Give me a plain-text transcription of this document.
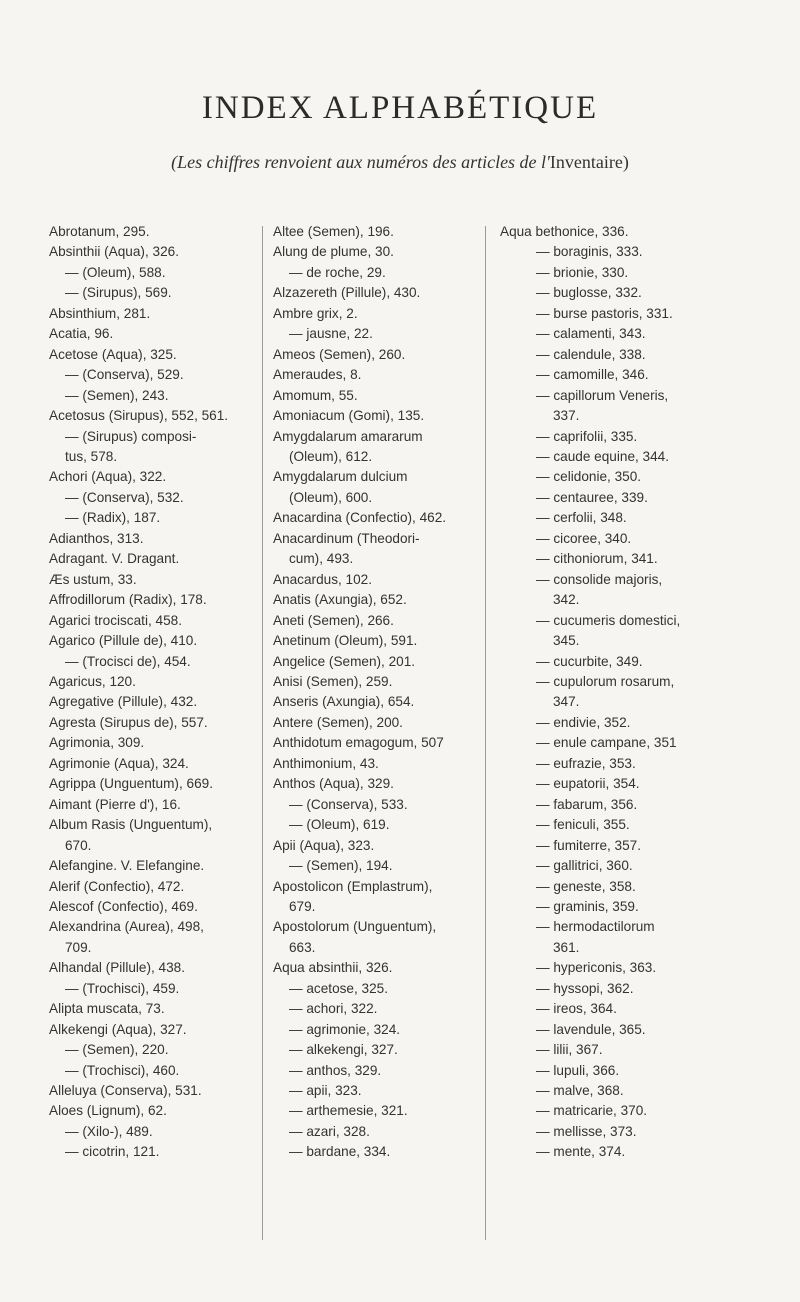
INDEX ALPHABÉTIQUE
(Les chiffres renvoient aux numéros des articles de l'Inventaire)
Abrotanum, 295.
Absinthii (Aqua), 326.
— (Oleum), 588.
— (Sirupus), 569.
Absinthium, 281.
Acatia, 96.
Acetose (Aqua), 325.
— (Conserva), 529.
— (Semen), 243.
Acetosus (Sirupus), 552, 561.
— (Sirupus) composi-
tus, 578.
Achori (Aqua), 322.
— (Conserva), 532.
— (Radix), 187.
Adianthos, 313.
Adragant. V. Dragant.
Æs ustum, 33.
Affrodillorum (Radix), 178.
Agarici trociscati, 458.
Agarico (Pillule de), 410.
— (Trocisci de), 454.
Agaricus, 120.
Agregative (Pillule), 432.
Agresta (Sirupus de), 557.
Agrimonia, 309.
Agrimonie (Aqua), 324.
Agrippa (Unguentum), 669.
Aimant (Pierre d'), 16.
Album Rasis (Unguentum),
670.
Alefangine. V. Elefangine.
Alerif (Confectio), 472.
Alescof (Confectio), 469.
Alexandrina (Aurea), 498,
709.
Alhandal (Pillule), 438.
— (Trochisci), 459.
Alipta muscata, 73.
Alkekengi (Aqua), 327.
— (Semen), 220.
— (Trochisci), 460.
Alleluya (Conserva), 531.
Aloes (Lignum), 62.
— (Xilo-), 489.
— cicotrin, 121.
Altee (Semen), 196.
Alung de plume, 30.
— de roche, 29.
Alzazereth (Pillule), 430.
Ambre grix, 2.
— jausne, 22.
Ameos (Semen), 260.
Ameraudes, 8.
Amomum, 55.
Amoniacum (Gomi), 135.
Amygdalarum amararum
(Oleum), 612.
Amygdalarum dulcium
(Oleum), 600.
Anacardina (Confectio), 462.
Anacardinum (Theodori-
cum), 493.
Anacardus, 102.
Anatis (Axungia), 652.
Aneti (Semen), 266.
Anetinum (Oleum), 591.
Angelice (Semen), 201.
Anisi (Semen), 259.
Anseris (Axungia), 654.
Antere (Semen), 200.
Anthidotum emagogum, 507
Anthimonium, 43.
Anthos (Aqua), 329.
— (Conserva), 533.
— (Oleum), 619.
Apii (Aqua), 323.
— (Semen), 194.
Apostolicon (Emplastrum),
679.
Apostolorum (Unguentum),
663.
Aqua absinthii, 326.
— acetose, 325.
— achori, 322.
— agrimonie, 324.
— alkekengi, 327.
— anthos, 329.
— apii, 323.
— arthemesie, 321.
— azari, 328.
— bardane, 334.
Aqua bethonice, 336.
— boraginis, 333.
— brionie, 330.
— buglosse, 332.
— burse pastoris, 331.
— calamenti, 343.
— calendule, 338.
— camomille, 346.
— capillorum Veneris,
337.
— caprifolii, 335.
— caude equine, 344.
— celidonie, 350.
— centauree, 339.
— cerfolii, 348.
— cicoree, 340.
— cithoniorum, 341.
— consolide majoris,
342.
— cucumeris domestici,
345.
— cucurbite, 349.
— cupulorum rosarum,
347.
— endivie, 352.
— enule campane, 351
— eufrazie, 353.
— eupatorii, 354.
— fabarum, 356.
— feniculi, 355.
— fumiterre, 357.
— gallitrici, 360.
— geneste, 358.
— graminis, 359.
— hermodactilorum
361.
— hypericonis, 363.
— hyssopi, 362.
— ireos, 364.
— lavendule, 365.
— lilii, 367.
— lupuli, 366.
— malve, 368.
— matricarie, 370.
— mellisse, 373.
— mente, 374.
